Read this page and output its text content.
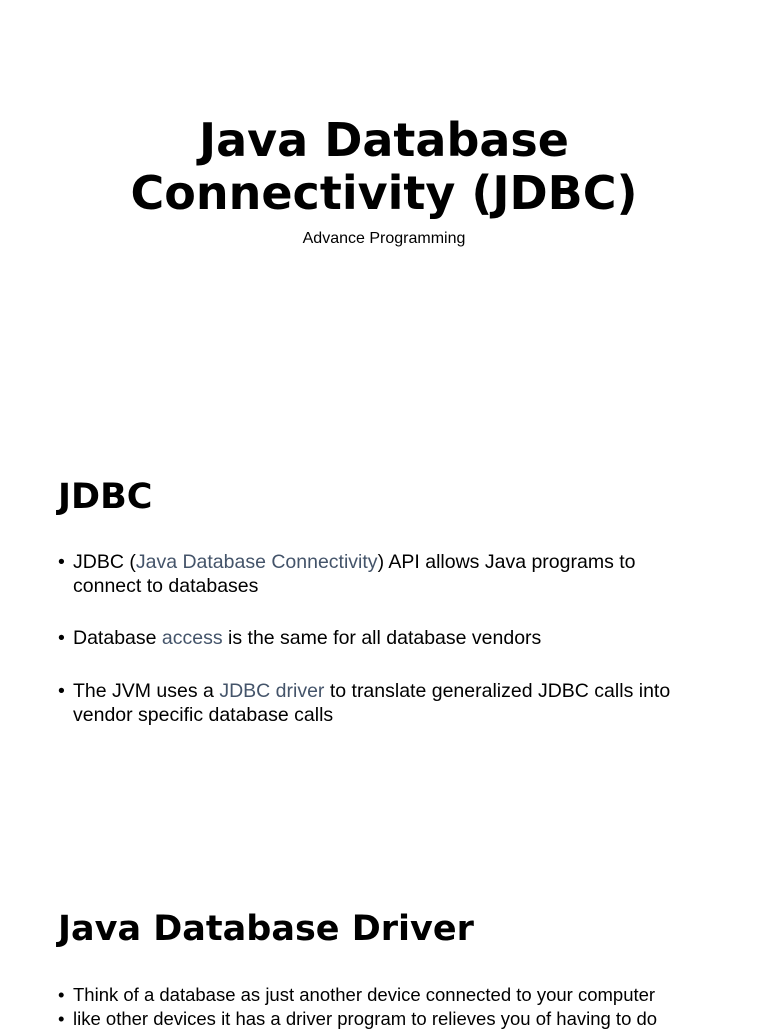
Java Database
Connectivity (JDBC)

Advance Programming

JDBC
• JDBC (Java Database Connectivity) API allows Java programs to
connect to databases
• Database access is the same for all database vendors
• The JVM uses a JDBC driver to translate generalized JDBC calls into
vendor specific database calls
Java Database Driver
• Think of a database as just another device connected to your computer
• like other devices it has a driver program to relieves you of having to do
